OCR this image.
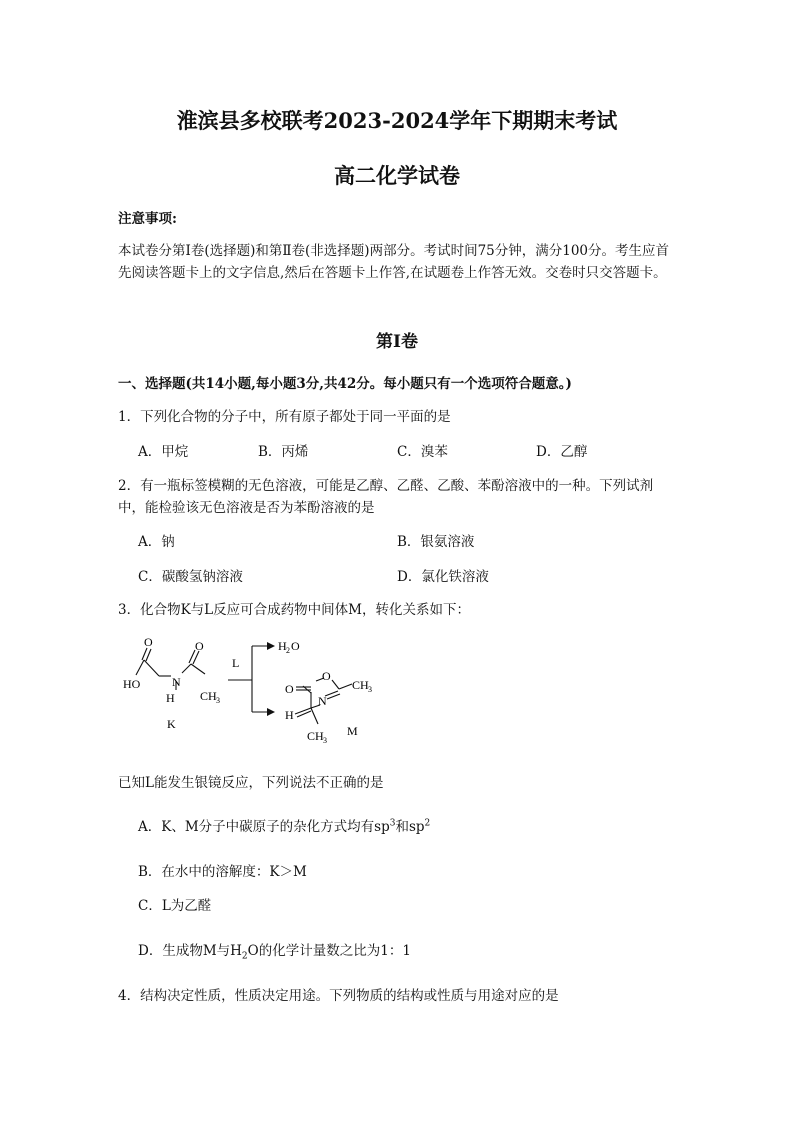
淮滨县多校联考2023-2024学年下期期末考试
高二化学试卷
注意事项:
本试卷分第Ⅰ卷(选择题)和第Ⅱ卷(非选择题)两部分。考试时间75分钟，满分100分。考生应首先阅读答题卡上的文字信息,然后在答题卡上作答,在试题卷上作答无效。交卷时只交答题卡。
第Ⅰ卷
一、选择题(共14小题,每小题3分,共42分。每小题只有一个选项符合题意。)
1．下列化合物的分子中，所有原子都处于同一平面的是
A．甲烷	B．丙烯	C．溴苯	D．乙醇
2．有一瓶标签模糊的无色溶液，可能是乙醇、乙醛、乙酸、苯酚溶液中的一种。下列试剂
中，能检验该无色溶液是否为苯酚溶液的是
A．钠	B．银氨溶液
C．碳酸氢钠溶液	D．氯化铁溶液
3．化合物K与L反应可合成药物中间体M，转化关系如下：
H 2 O
L
HO	N
H
O	O
CH 3
K
O
O
N
CH 3
H
CH 3
M
已知L能发生银镜反应，下列说法不正确的是
A．K、M分子中碳原子的杂化方式均有$sp^3$和$sp^2$
B．在水中的溶解度：K＞M
C．L为乙醛
D．生成物M与$H_2O$的化学计量数之比为1：1
4．结构决定性质，性质决定用途。下列物质的结构或性质与用途对应的是
